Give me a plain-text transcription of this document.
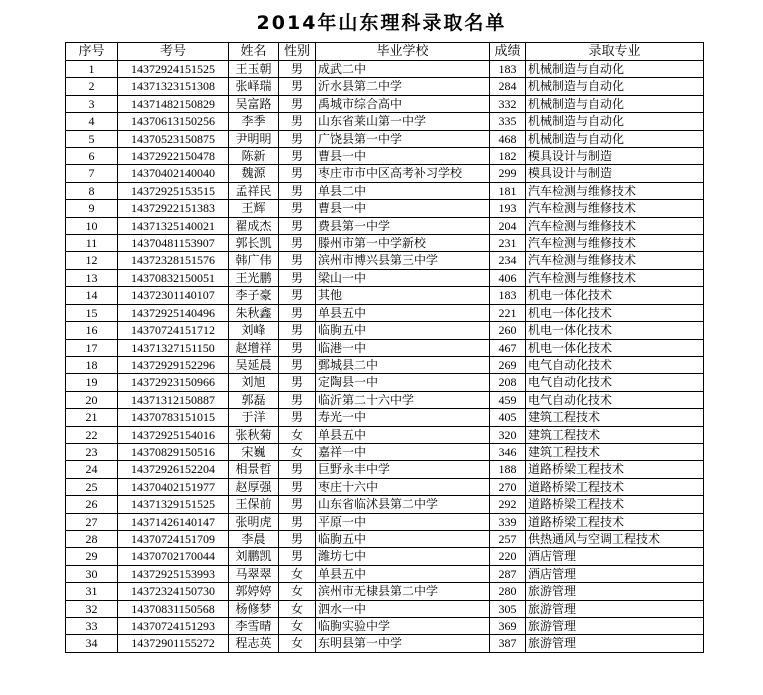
2014年山东理科录取名单
序号	考号	姓名	性别	毕业学校	成绩	录取专业
1	14372924151525	王玉朝	男	成武二中	183	机械制造与自动化
2	14371323151308	张峄瑞	男	沂水县第二中学	284	机械制造与自动化
3	14371482150829	吴富路	男	禹城市综合高中	332	机械制造与自动化
4	14370613150256	李季	男	山东省莱山第一中学	335	机械制造与自动化
5	14370523150875	尹明明	男	广饶县第一中学	468	机械制造与自动化
6	14372922150478	陈新	男	曹县一中	182	模具设计与制造
7	14370402140040	魏源	男	枣庄市市中区高考补习学校	299	模具设计与制造
8	14372925153515	孟祥民	男	单县二中	181	汽车检测与维修技术
9	14372922151383	王辉	男	曹县一中	193	汽车检测与维修技术
10	14371325140021	翟成杰	男	费县第一中学	204	汽车检测与维修技术
11	14370481153907	郭长凯	男	滕州市第一中学新校	231	汽车检测与维修技术
12	14372328151576	韩广伟	男	滨州市博兴县第三中学	234	汽车检测与维修技术
13	14370832150051	王光鹏	男	梁山一中	406	汽车检测与维修技术
14	14372301140107	李子豪	男	其他	183	机电一体化技术
15	14372925140496	朱秋鑫	男	单县五中	221	机电一体化技术
16	14370724151712	刘峰	男	临朐五中	260	机电一体化技术
17	14371327151150	赵增祥	男	临港一中	467	机电一体化技术
18	14372929152296	吴延晨	男	鄄城县二中	269	电气自动化技术
19	14372923150966	刘旭	男	定陶县一中	208	电气自动化技术
20	14371312150887	郭磊	男	临沂第二十六中学	459	电气自动化技术
21	14370783151015	于洋	男	寿光一中	405	建筑工程技术
22	14372925154016	张秋菊	女	单县五中	320	建筑工程技术
23	14370829150516	宋巍	女	嘉祥一中	346	建筑工程技术
24	14372926152204	相景哲	男	巨野永丰中学	188	道路桥梁工程技术
25	14370402151977	赵厚强	男	枣庄十六中	270	道路桥梁工程技术
26	14371329151525	王保前	男	山东省临沭县第二中学	292	道路桥梁工程技术
27	14371426140147	张明虎	男	平原一中	339	道路桥梁工程技术
28	14370724151709	李晨	男	临朐五中	257	供热通风与空调工程技术
29	14370702170044	刘鹏凯	男	潍坊七中	220	酒店管理
30	14372925153993	马翠翠	女	单县五中	287	酒店管理
31	14372324150730	郭婷婷	女	滨州市无棣县第二中学	280	旅游管理
32	14370831150568	杨修梦	女	泗水一中	305	旅游管理
33	14370724151293	李雪晴	女	临朐实验中学	369	旅游管理
34	14372901155272	程志英	女	东明县第一中学	387	旅游管理
